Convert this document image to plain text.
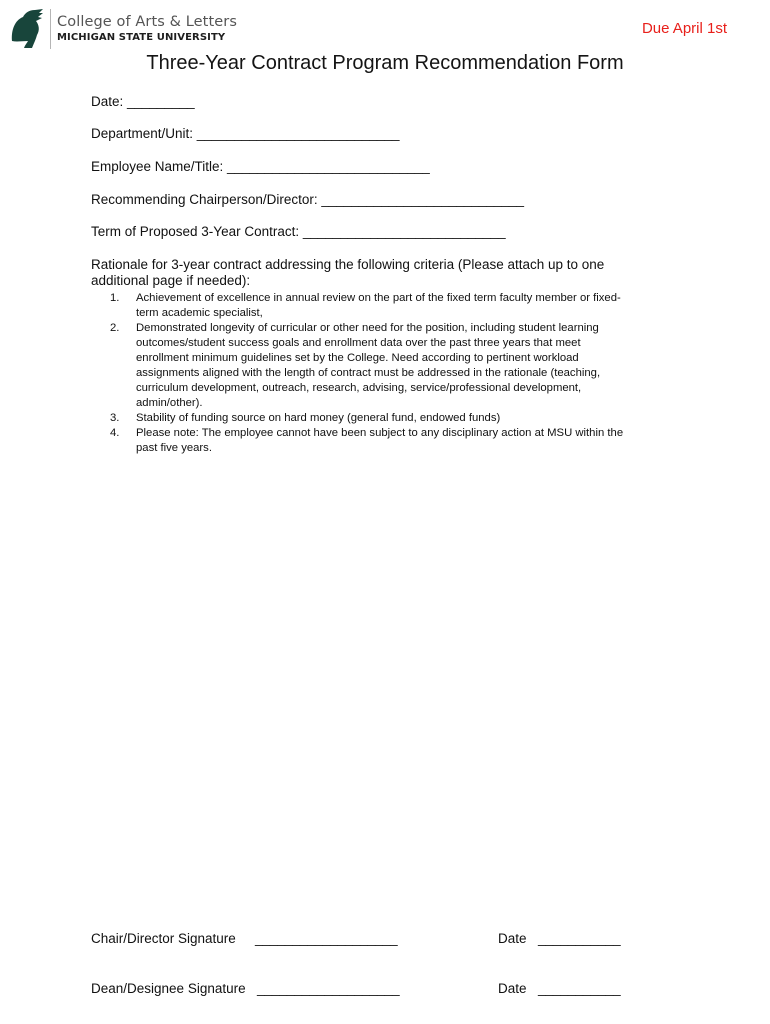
College of Arts & Letters
MICHIGAN STATE UNIVERSITY
Due April 1st
Three-Year Contract Program Recommendation Form
Date: _________
Department/Unit: ___________________________
Employee Name/Title: ___________________________
Recommending Chairperson/Director: ___________________________
Term of Proposed 3-Year Contract: ___________________________
Rationale for 3-year contract addressing the following criteria (Please attach up to one
additional page if needed):
1.	Achievement of excellence in annual review on the part of the fixed term faculty member or fixed-
term academic specialist,
2.	Demonstrated longevity of curricular or other need for the position, including student learning
outcomes/student success goals and enrollment data over the past three years that meet
enrollment minimum guidelines set by the College. Need according to pertinent workload
assignments aligned with the length of contract must be addressed in the rationale (teaching,
curriculum development, outreach, research, advising, service/professional development,
admin/other).
3.	Stability of funding source on hard money (general fund, endowed funds)
4.	Please note: The employee cannot have been subject to any disciplinary action at MSU within the
past five years.
Chair/Director Signature ___________________	Date ___________
Dean/Designee Signature ___________________	Date ___________
